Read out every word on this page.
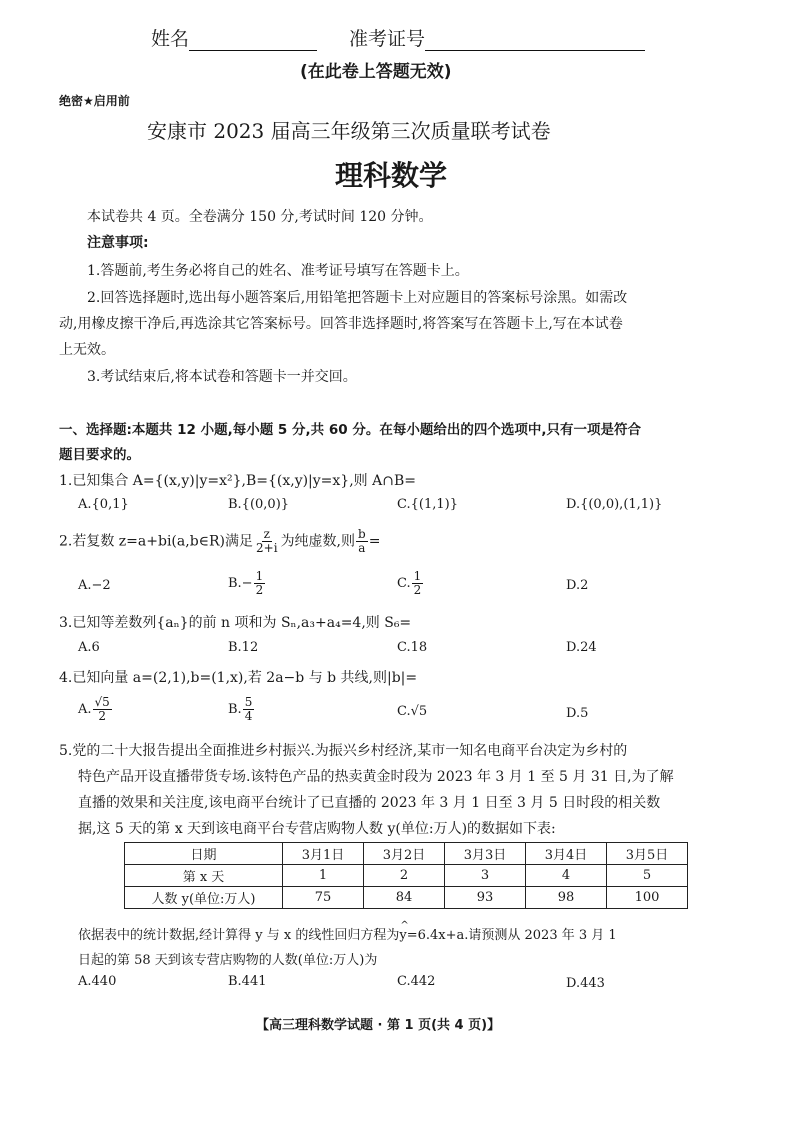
姓名	准考证号
(在此卷上答题无效)
绝密★启用前
安康市 2023 届高三年级第三次质量联考试卷
理科数学
本试卷共 4 页。全卷满分 150 分,考试时间 120 分钟。
注意事项:
1.答题前,考生务必将自己的姓名、准考证号填写在答题卡上。
2.回答选择题时,选出每小题答案后,用铅笔把答题卡上对应题目的答案标号涂黑。如需改
动,用橡皮擦干净后,再选涂其它答案标号。回答非选择题时,将答案写在答题卡上,写在本试卷
上无效。
3.考试结束后,将本试卷和答题卡一并交回。
一、选择题:本题共 12 小题,每小题 5 分,共 60 分。在每小题给出的四个选项中,只有一项是符合
题目要求的。
1.已知集合 A={(x,y)|y=x²},B={(x,y)|y=x},则 A∩B=
A.{0,1}	B.{(0,0)}	C.{(1,1)}	D.{(0,0),(1,1)}
2.若复数 z=a+bi(a,b∈R)满足 $\frac{z}{2+i}$ 为纯虚数,则 $\frac{b}{a}$ =
A.−2	$B.- \frac{1}{2}$	C. $\frac{1}{2}$	D.2
3.已知等差数列{aₙ}的前 n 项和为 Sₙ,a₃+a₄=4,则 S₆=
A.6	B.12	C.18	D.24
4.已知向量 a=(2,1),b=(1,x),若 2a−b 与 b 共线,则|b|=
A. $\frac{√5}{2}$	B. $\frac{5}{4}$	C.√5	D.5
5.党的二十大报告提出全面推进乡村振兴.为振兴乡村经济,某市一知名电商平台决定为乡村的
特色产品开设直播带货专场.该特色产品的热卖黄金时段为 2023 年 3 月 1 至 5 月 31 日,为了解
直播的效果和关注度,该电商平台统计了已直播的 2023 年 3 月 1 日至 3 月 5 日时段的相关数
据,这 5 天的第 x 天到该电商平台专营店购物人数 y(单位:万人)的数据如下表:
日期	3月1日	3月2日	3月3日	3月4日	3月5日
第 x 天	1	2	3	4	5
人数 y(单位:万人)	75	84	93	98	100
依据表中的统计数据,经计算得 y 与 x 的线性回归方程为^ y=6.4x+a.请预测从 2023 年 3 月 1
日起的第 58 天到该专营店购物的人数(单位:万人)为
A.440	B.441	C.442	D.443
【高三理科数学试题 · 第 1 页(共 4 页)】
